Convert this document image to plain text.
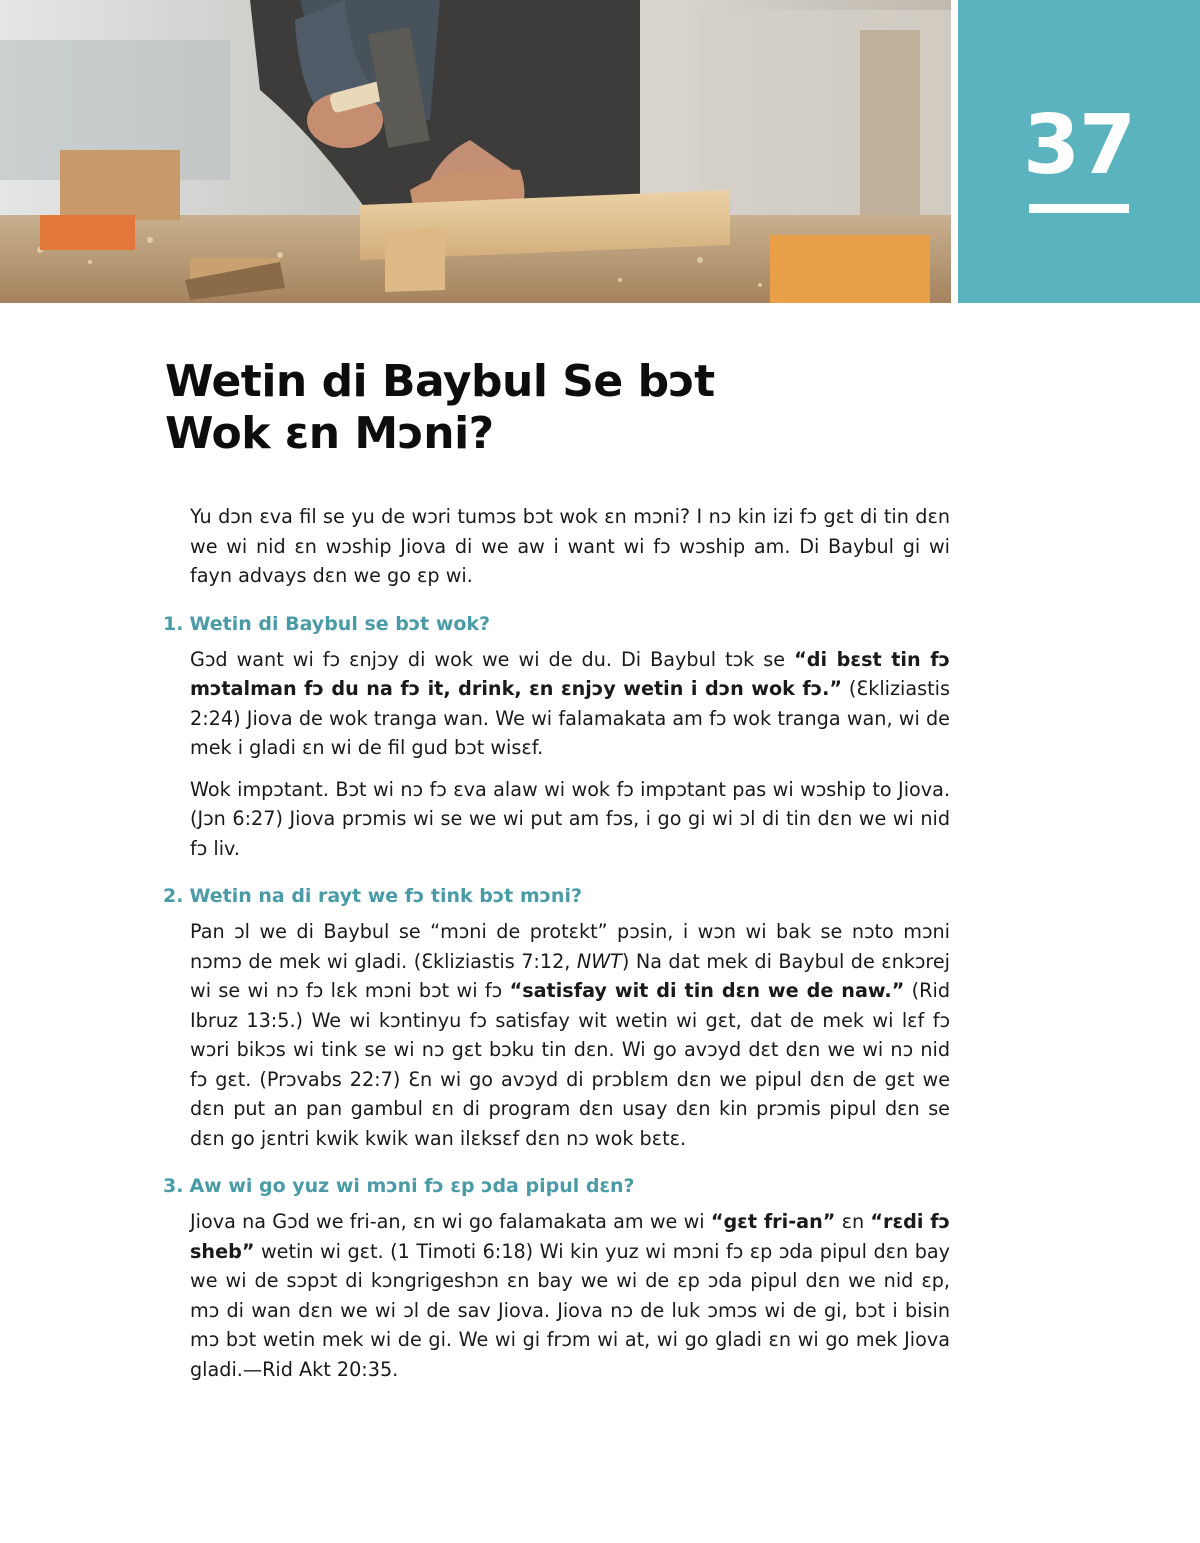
37
Wetin di Baybul Se bɔt
Wok ɛn Mɔni?

Yu dɔn ɛva fil se yu de wɔri tumɔs bɔt wok ɛn mɔni? I nɔ kin izi fɔ gɛt di tin dɛn we wi nid ɛn wɔship Jiova di we aw i want wi fɔ wɔship am. Di Baybul gi wi fayn advays dɛn we go ɛp wi.

1. Wetin di Baybul se bɔt wok?

Gɔd want wi fɔ ɛnjɔy di wok we wi de du. Di Baybul tɔk se “di bɛst tin fɔ mɔtalman fɔ du na fɔ it, drink, ɛn ɛnjɔy wetin i dɔn wok fɔ.” (Ɛkliziastis 2:24) Jiova de wok tranga wan. We wi falamakata am fɔ wok tranga wan, wi de mek i gladi ɛn wi de fil gud bɔt wisɛf.

Wok impɔtant. Bɔt wi nɔ fɔ ɛva alaw wi wok fɔ impɔtant pas wi wɔship to Jiova. (Jɔn 6:27) Jiova prɔmis wi se we wi put am fɔs, i go gi wi ɔl di tin dɛn we wi nid fɔ liv.

2. Wetin na di rayt we fɔ tink bɔt mɔni?

Pan ɔl we di Baybul se “mɔni de protɛkt” pɔsin, i wɔn wi bak se nɔto mɔni nɔmɔ de mek wi gladi. (Ɛkliziastis 7:12, NWT) Na dat mek di Baybul de ɛnkɔrej wi se wi nɔ fɔ lɛk mɔni bɔt wi fɔ “satisfay wit di tin dɛn we de naw.” (Rid Ibruz 13:5.) We wi kɔntinyu fɔ satisfay wit wetin wi gɛt, dat de mek wi lɛf fɔ wɔri bikɔs wi tink se wi nɔ gɛt bɔku tin dɛn. Wi go avɔyd dɛt dɛn we wi nɔ nid fɔ gɛt. (Prɔvabs 22:7) Ɛn wi go avɔyd di prɔblɛm dɛn we pipul dɛn de gɛt we dɛn put an pan gambul ɛn di program dɛn usay dɛn kin prɔmis pipul dɛn se dɛn go jɛntri kwik kwik wan ilɛksɛf dɛn nɔ wok bɛtɛ.

3. Aw wi go yuz wi mɔni fɔ ɛp ɔda pipul dɛn?

Jiova na Gɔd we fri-an, ɛn wi go falamakata am we wi “gɛt fri-an” ɛn “rɛdi fɔ sheb” wetin wi gɛt. (1 Timoti 6:18) Wi kin yuz wi mɔni fɔ ɛp ɔda pipul dɛn bay we wi de sɔpɔt di kɔngrigeshɔn ɛn bay we wi de ɛp ɔda pipul dɛn we nid ɛp, mɔ di wan dɛn we wi ɔl de sav Jiova. Jiova nɔ de luk ɔmɔs wi de gi, bɔt i bisin mɔ bɔt wetin mek wi de gi. We wi gi frɔm wi at, wi go gladi ɛn wi go mek Jiova gladi.—Rid Akt 20:35.
